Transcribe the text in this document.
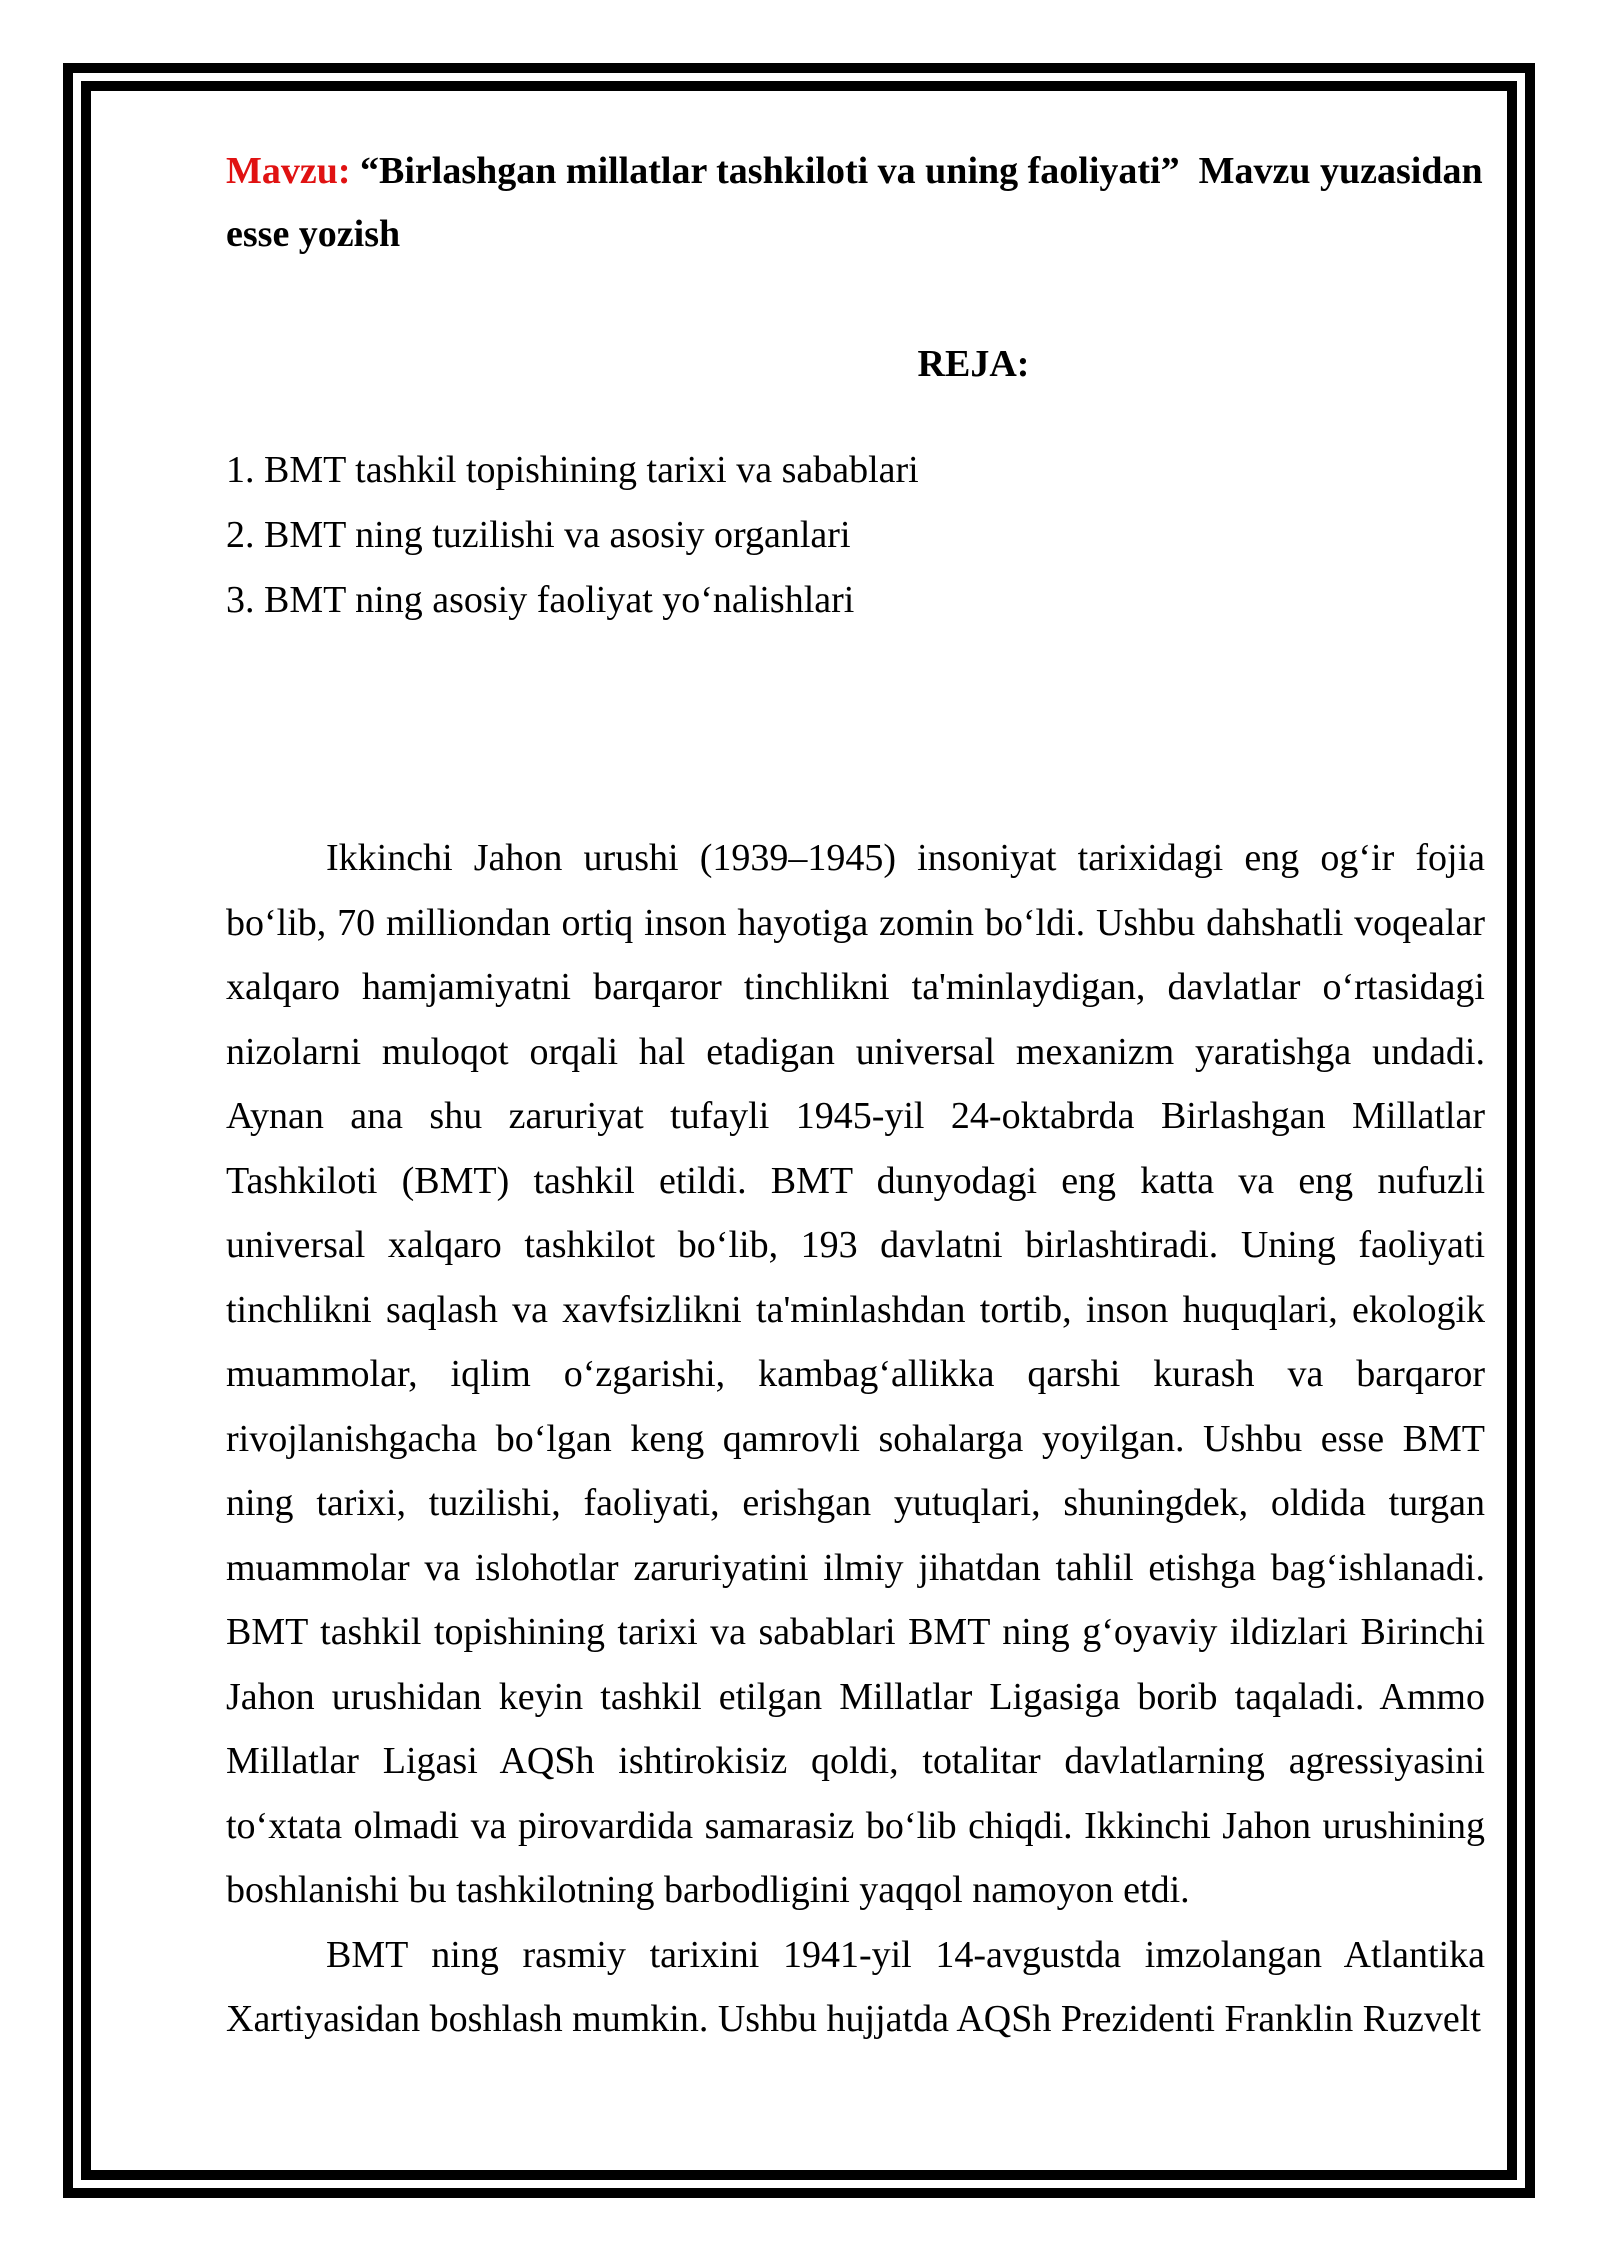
Mavzu: “Birlashgan millatlar tashkiloti va uning faoliyati”  Mavzu yuzasidan esse yozish
REJA:
1. BMT tashkil topishining tarixi va sabablari
2. BMT ning tuzilishi va asosiy organlari
3. BMT ning asosiy faoliyat yo‘nalishlari

Ikkinchi Jahon urushi (1939–1945) insoniyat tarixidagi eng og‘ir fojia bo‘lib, 70 milliondan ortiq inson hayotiga zomin bo‘ldi. Ushbu dahshatli voqealar xalqaro hamjamiyatni barqaror tinchlikni ta'minlaydigan, davlatlar o‘rtasidagi nizolarni muloqot orqali hal etadigan universal mexanizm yaratishga undadi. Aynan ana shu zaruriyat tufayli 1945-yil 24-oktabrda Birlashgan Millatlar Tashkiloti (BMT) tashkil etildi. BMT dunyodagi eng katta va eng nufuzli universal xalqaro tashkilot bo‘lib, 193 davlatni birlashtiradi. Uning faoliyati tinchlikni saqlash va xavfsizlikni ta'minlashdan tortib, inson huquqlari, ekologik muammolar, iqlim o‘zgarishi, kambag‘allikka qarshi kurash va barqaror rivojlanishgacha bo‘lgan keng qamrovli sohalarga yoyilgan. Ushbu esse BMT ning tarixi, tuzilishi, faoliyati, erishgan yutuqlari, shuningdek, oldida turgan muammolar va islohotlar zaruriyatini ilmiy jihatdan tahlil etishga bag‘ishlanadi. BMT tashkil topishining tarixi va sabablari BMT ning g‘oyaviy ildizlari Birinchi Jahon urushidan keyin tashkil etilgan Millatlar Ligasiga borib taqaladi. Ammo Millatlar Ligasi AQSh ishtirokisiz qoldi, totalitar davlatlarning agressiyasini to‘xtata olmadi va pirovardida samarasiz bo‘lib chiqdi. Ikkinchi Jahon urushining boshlanishi bu tashkilotning barbodligini yaqqol namoyon etdi.

BMT ning rasmiy tarixini 1941-yil 14-avgustda imzolangan Atlantika Xartiyasidan boshlash mumkin. Ushbu hujjatda AQSh Prezidenti Franklin Ruzvelt
